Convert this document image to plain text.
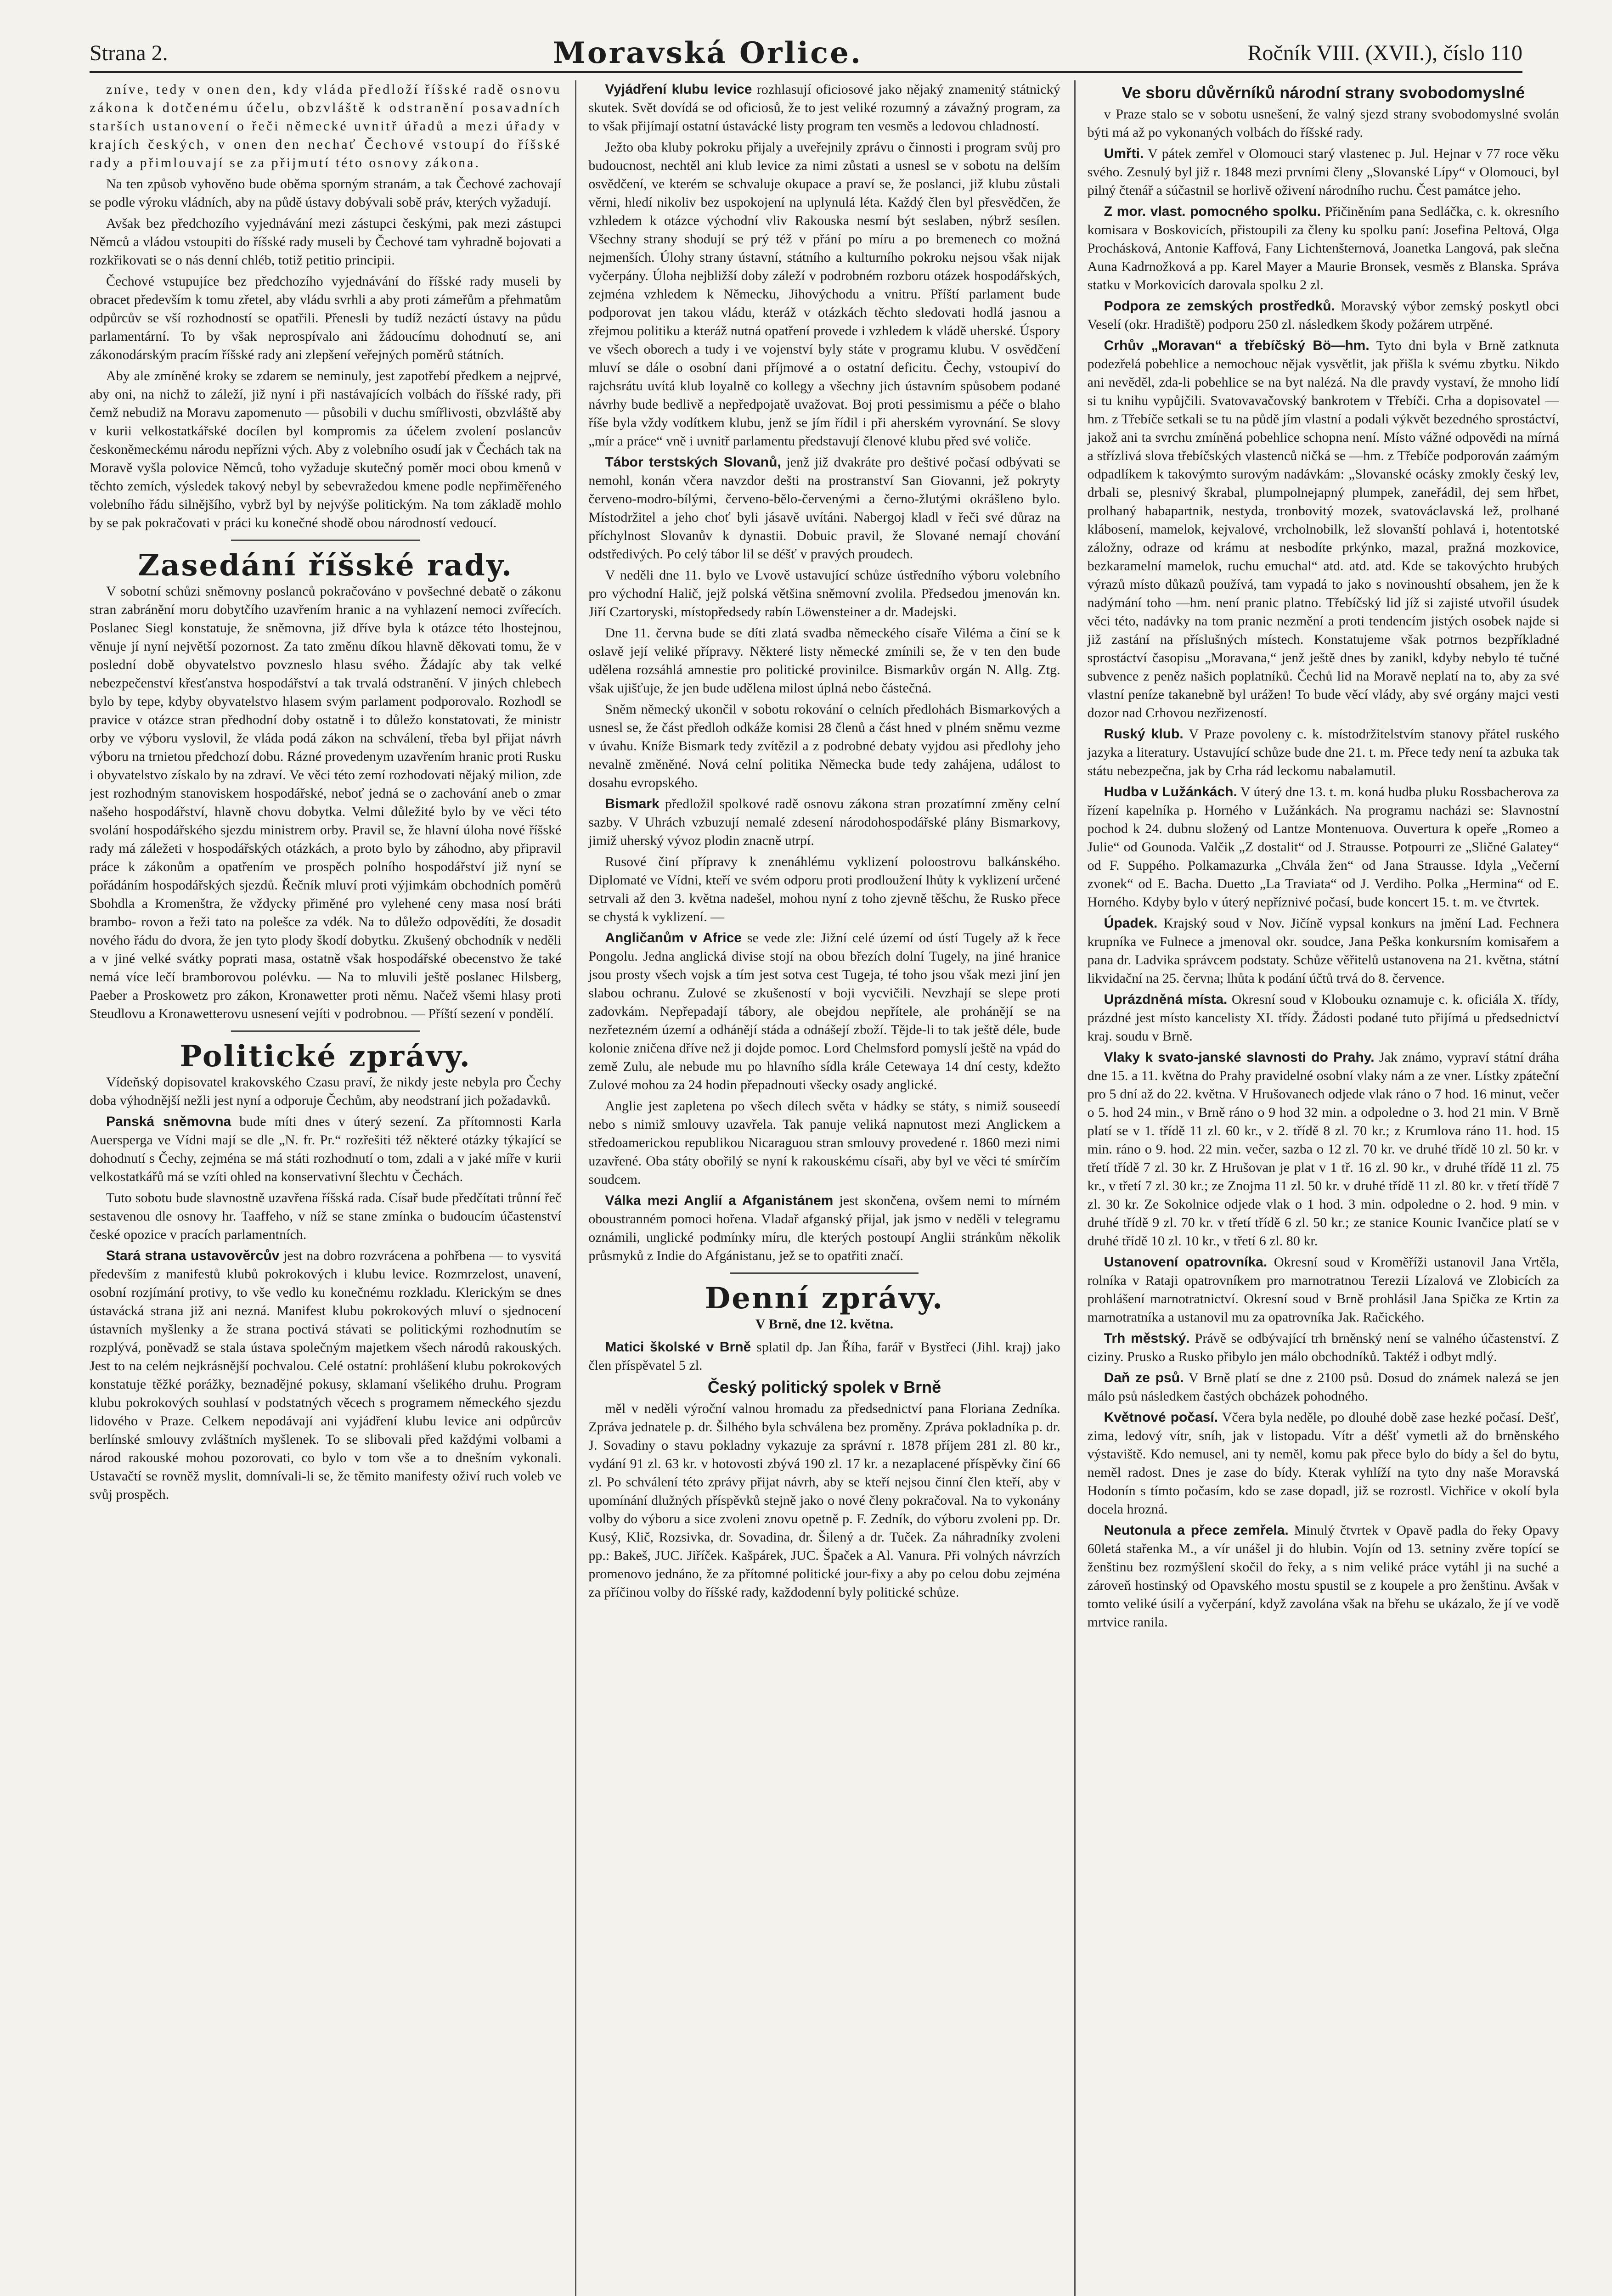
Strana 2.	Moravská Orlice.	Ročník VIII. (XVII.), číslo 110

zníve, tedy v onen den, kdy vláda předloží říšské radě osnovu zákona k dotčenému účelu, obzvláště k odstranění posavadních starších ustanovení o řeči německé uvnitř úřadů a mezi úřady v krajích českých, v onen den nechať Čechové vstoupí do říšské rady a přimlouvají se za přijmutí této osnovy zákona.

Na ten způsob vyhověno bude oběma sporným stranám, a tak Čechové zachovají se podle výroku vládních, aby na půdě ústavy dobývali sobě práv, kterých vyžadují.

Avšak bez předchozího vyjednávání mezi zástupci českými, pak mezi zástupci Němců a vládou vstoupiti do říšské rady museli by Čechové tam vyhradně bojovati a rozkřikovati se o nás denní chléb, totiž petitio principii.

Čechové vstupujíce bez předchozího vyjednávání do říšské rady museli by obracet především k tomu zřetel, aby vládu svrhli a aby proti zámeřům a přehmatům odpůrcův se vší rozhodností se opatřili. Přenesli by tudíž nezáctí ústavy na půdu parlamentární. To by však neprospívalo ani žádoucímu dohodnutí se, ani zákonodárským pracím říšské rady ani zlepšení veřejných poměrů státních.

Aby ale zmíněné kroky se zdarem se neminuly, jest zapotřebí předkem a nejprvé, aby oni, na nichž to záleží, již nyní i při nastávajících volbách do říšské rady, při čemž nebudiž na Moravu zapomenuto — působili v duchu smířlivosti, obzvláště aby v kurii velkostatkářské docílen byl kompromis za účelem zvolení poslancův českoněmeckému národu nepřízni vých. Aby z volebního osudí jak v Čechách tak na Moravě vyšla polovice Němců, toho vyžaduje skutečný poměr moci obou kmenů v těchto zemích, výsledek takový nebyl by sebevražedou kmene podle nepřiměřeného volebního řádu silnějšího, vybrž byl by nejvýše politickým. Na tom základě mohlo by se pak pokračovati v práci ku konečné shodě obou národností vedoucí.

Zasedání říšské rady.

V sobotní schůzi sněmovny poslanců pokračováno v povšechné debatě o zákonu stran zabránění moru dobytčího uzavřením hranic a na vyhlazení nemoci zvířecích. Poslanec Siegl konstatuje, že sněmovna, již dříve byla k otázce této lhostejnou, věnuje jí nyní největší pozornost. Za tato změnu díkou hlavně děkovati tomu, že v poslední době obyvatelstvo povzneslo hlasu svého. Žádajíc aby tak velké nebezpečenství křesťanstva hospodářství a tak trvalá odstranění. V jiných chlebech bylo by tepe, kdyby obyvatelstvo hlasem svým parlament podporovalo. Rozhodl se pravice v otázce stran předhodní doby ostatně i to důležo konstatovati, že ministr orby ve výboru vyslovil, že vláda podá zákon na schválení, třeba byl přijat návrh výboru na trnietou předchozí dobu. Rázné provedenym uzavřením hranic proti Rusku i obyvatelstvo získalo by na zdraví. Ve věci této zemí rozhodovati nějaký milion, zde jest rozhodným stanoviskem hospodářské, neboť jedná se o zachování aneb o zmar našeho hospodářství, hlavně chovu dobytka. Velmi důležité bylo by ve věci této svolání hospodářského sjezdu ministrem orby. Pravil se, že hlavní úloha nové říšské rady má záležeti v hospodářských otázkách, a proto bylo by záhodno, aby připravil práce k zákonům a opatřením ve prospěch polního hospodářství již nyní se pořádáním hospodářských sjezdů. Řečník mluví proti výjimkám obchodních poměrů Sbohdla a Kromenštra, že vždycky přiměné pro vylehené ceny masa nosí bráti brambo- rovon a řeži tato na polešce za vdék. Na to důležo odpovědíti, že dosadit nového řádu do dvora, že jen tyto plody škodí dobytku. Zkušený obchodník v neděli a v jiné velké svátky poprati masa, ostatně však hospodářské obecenstvo že také nemá více lečí bramborovou polévku. — Na to mluvili ještě poslanec Hilsberg, Paeber a Proskowetz pro zákon, Kronawetter proti němu. Načež všemi hlasy proti Steudlovu a Kronawetterovu usnesení vejíti v podrobnou. — Příští sezení v pondělí.

Politické zprávy.

Vídeňský dopisovatel krakovského Czasu praví, že nikdy jeste nebyla pro Čechy doba výhodnější nežli jest nyní a odporuje Čechům, aby neodstraní jich požadavků.

Panská sněmovna bude míti dnes v úterý sezení. Za přítomnosti Karla Auersperga ve Vídni mají se dle „N. fr. Pr.“ rozřešiti též některé otázky týkající se dohodnutí s Čechy, zejména se má státi rozhodnutí o tom, zdali a v jaké míře v kurii velkostatkářů má se vzíti ohled na konservativní šlechtu v Čechách.

Tuto sobotu bude slavnostně uzavřena říšská rada. Císař bude předčítati trůnní řeč sestavenou dle osnovy hr. Taaffeho, v níž se stane zmínka o budoucím účastenství české opozice v pracích parlamentních.

Stará strana ustavověrcův jest na dobro rozvrácena a pohřbena — to vysvitá především z manifestů klubů pokrokových i klubu levice. Rozmrzelost, unavení, osobní rozjímání protivy, to vše vedlo ku konečnému rozkladu. Klerickým se dnes ústavácká strana již ani nezná. Manifest klubu pokrokových mluví o sjednocení ústavních myšlenky a že strana poctivá stávati se politickými rozhodnutím se rozplývá, poněvadž se stala ústava společným majetkem všech národů rakouských. Jest to na celém nejkrásnější pochvalou. Celé ostatní: prohlášení klubu pokrokových konstatuje těžké porážky, beznadějné pokusy, sklamaní všelikého druhu. Program klubu pokrokových souhlasí v podstatných věcech s programem německého sjezdu lidového v Praze. Celkem nepodávají ani vyjádření klubu levice ani odpůrcův berlínské smlouvy zvláštních myšlenek. To se slibovali před každými volbami a národ rakouské mohou pozorovati, co bylo v tom vše a to dnešním vykonali. Ustavačtí se rovněž myslit, domnívali-li se, že těmito manifesty oživí ruch voleb ve svůj prospěch.

Vyjádření klubu levice rozhlasují oficiosové jako nějaký znamenitý státnický skutek. Svět dovídá se od oficiosů, že to jest veliké rozumný a závažný program, za to však přijímají ostatní ústavácké listy program ten vesměs a ledovou chladností.

Ježto oba kluby pokroku přijaly a uveřejnily zprávu o činnosti i program svůj pro budoucnost, nechtěl ani klub levice za nimi zůstati a usnesl se v sobotu na delším osvědčení, ve kterém se schvaluje okupace a praví se, že poslanci, již klubu zůstali věrni, hledí nikoliv bez uspokojení na uplynulá léta. Každý člen byl přesvědčen, že vzhledem k otázce východní vliv Rakouska nesmí být seslaben, nýbrž sesílen. Všechny strany shodují se prý též v přání po míru a po bremenech co možná nejmenších. Úlohy strany ústavní, státního a kulturního pokroku nejsou však nijak vyčerpány. Úloha nejbližší doby záleží v podrobném rozboru otázek hospodářských, zejména vzhledem k Německu, Jihovýchodu a vnitru. Příští parlament bude podporovat jen takou vládu, kteráž v otázkách těchto sledovati hodlá jasnou a zřejmou politiku a kteráž nutná opatření provede i vzhledem k vládě uherské. Úspory ve všech oborech a tudy i ve vojenství byly státe v programu klubu. V osvědčení mluví se dále o osobní dani příjmové a o ostatní deficitu. Čechy, vstoupiví do rajchsrátu uvítá klub loyalně co kollegy a všechny jich ústavním spůsobem podané návrhy bude bedlivě a nepředpojatě uvažovat. Boj proti pessimismu a péče o blaho říše byla vždy vodítkem klubu, jenž se jím řídil i při aherském vyrovnání. Se slovy „mír a práce“ vně i uvnitř parlamentu představují členové klubu před své voliče.

Tábor terstských Slovanů, jenž již dvakráte pro deštivé počasí odbývati se nemohl, konán včera navzdor dešti na prostranství San Giovanni, jež pokryty červeno-modro-bílými, červeno-bělo-červenými a černo-žlutými okrášleno bylo. Místodržitel a jeho choť byli jásavě uvítáni. Nabergoj kladl v řeči své důraz na příchylnost Slovanův k dynastii. Dobuic pravil, že Slované nemají chování odstředivých. Po celý tábor lil se déšť v pravých proudech.

V neděli dne 11. bylo ve Lvově ustavující schůze ústředního výboru volebního pro východní Halič, jejž polská většina sněmovní zvolila. Předsedou jmenován kn. Jiří Czartoryski, místopředsedy rabín Löwensteiner a dr. Madejski.

Dne 11. června bude se díti zlatá svadba německého císaře Viléma a činí se k oslavě její veliké přípravy. Některé listy německé zmínili se, že v ten den bude udělena rozsáhlá amnestie pro politické provinilce. Bismarkův orgán N. Allg. Ztg. však ujišťuje, že jen bude udělena milost úplná nebo částečná.

Sněm německý ukončil v sobotu rokování o celních předlohách Bismarkových a usnesl se, že část předloh odkáže komisi 28 členů a část hned v plném sněmu vezme v úvahu. Kníže Bismark tedy zvítězil a z podrobné debaty vyjdou asi předlohy jeho nevalně změněné. Nová celní politika Německa bude tedy zahájena, událost to dosahu evropského.

Bismark předložil spolkové radě osnovu zákona stran prozatímní změny celní sazby. V Uhrách vzbuzují nemalé zdesení národohospodářské plány Bismarkovy, jimiž uherský vývoz plodin znacně utrpí.

Rusové činí přípravy k znenáhlému vyklizení poloostrovu balkánského. Diplomaté ve Vídni, kteří ve svém odporu proti prodloužení lhůty k vyklizení určené setrvali až den 3. května nadešel, mohou nyní z toho zjevně těšchu, že Rusko přece se chystá k vyklizení. —

Angličanům v Africe se vede zle: Jižní celé území od ústí Tugely až k řece Pongolu. Jedna anglická divise stojí na obou březích dolní Tugely, na jiné hranice jsou prosty všech vojsk a tím jest sotva cest Tugeja, té toho jsou však mezi jiní jen slabou ochranu. Zulové se zkušeností v boji vycvičili. Nevzhají se slepe proti zadovkám. Nepřepadají tábory, ale obejdou nepřítele, ale prohánějí se na nezřetezném území a odhánějí stáda a odnášejí zboží. Tějde-li to tak ještě déle, bude kolonie zničena dříve než ji dojde pomoc. Lord Chelmsford pomyslí ještě na vpád do země Zulu, ale nebude mu po hlavního sídla krále Cetewaya 14 dní cesty, kdežto Zulové mohou za 24 hodin přepadnouti všecky osady anglické.

Anglie jest zapletena po všech dílech světa v hádky se státy, s nimiž souseedí nebo s nimiž smlouvy uzavřela. Tak panuje veliká napnutost mezi Anglickem a středoamerickou republikou Nicaraguou stran smlouvy provedené r. 1860 mezi nimi uzavřené. Oba státy obořilý se nyní k rakouskému císaři, aby byl ve věci té smírčím soudcem.

Válka mezi Anglií a Afganistánem jest skončena, ovšem nemi to mírném oboustranném pomoci hořena. Vladař afganský přijal, jak jsmo v neděli v telegramu oznámili, unglické podmínky míru, dle kterých postoupí Anglii stránkům několik průsmyků z Indie do Afgánistanu, jež se to opatřiti značí.

Denní zprávy.
V Brně, dne 12. května.

Matici školské v Brně splatil dp. Jan Říha, farář v Bystřeci (Jihl. kraj) jako člen příspěvatel 5 zl.

Český politický spolek v Brně

měl v neděli výroční valnou hromadu za předsednictví pana Floriana Zedníka. Zpráva jednatele p. dr. Šilhého byla schválena bez proměny. Zpráva pokladníka p. dr. J. Sovadiny o stavu pokladny vykazuje za správní r. 1878 příjem 281 zl. 80 kr., vydání 91 zl. 63 kr. v hotovosti zbývá 190 zl. 17 kr. a nezaplacené příspěvky činí 66 zl. Po schválení této zprávy přijat návrh, aby se kteří nejsou činní člen kteří, aby v upomínání dlužných příspěvků stejně jako o nové členy pokračoval. Na to vykonány volby do výboru a sice zvoleni znovu opetně p. F. Zedník, do výboru zvoleni pp. Dr. Kusý, Klič, Rozsivka, dr. Sovadina, dr. Šilený a dr. Tuček. Za náhradníky zvoleni pp.: Bakeš, JUC. Jiříček. Kašpárek, JUC. Špaček a Al. Vanura. Při volných návrzích promenovo jednáno, že za přítomné politické jour-fixy a aby po celou dobu zejména za příčinou volby do říšské rady, každodenní byly politické schůze.

Ve sboru důvěrníků národní strany svobodomyslné

v Praze stalo se v sobotu usnešení, že valný sjezd strany svobodomyslné svolán býti má až po vykonaných volbách do říšské rady.

Umřti. V pátek zemřel v Olomouci starý vlastenec p. Jul. Hejnar v 77 roce věku svého. Zesnulý byl již r. 1848 mezi prvními členy „Slovanské Lípy“ v Olomouci, byl pilný čtenář a súčastnil se horlivě oživení národního ruchu. Čest památce jeho.

Z mor. vlast. pomocného spolku. Přičiněním pana Sedláčka, c. k. okresního komisara v Boskovicích, přistoupili za členy ku spolku paní: Josefina Peltová, Olga Prochásková, Antonie Kaffová, Fany Lichtenšternová, Joanetka Langová, pak slečna Auna Kadrnožková a pp. Karel Mayer a Maurie Bronsek, vesměs z Blanska. Správa statku v Morkovicích darovala spolku 2 zl.

Podpora ze zemských prostředků. Moravský výbor zemský poskytl obci Veselí (okr. Hradiště) podporu 250 zl. následkem škody požárem utrpěné.

Crhův „Moravan“ a třebíčský Bö—hm. Tyto dni byla v Brně zatknuta podezřelá pobehlice a nemochouc nějak vysvětlit, jak přišla k svému zbytku. Nikdo ani nevěděl, zda-li pobehlice se na byt nalézá. Na dle pravdy vystaví, že mnoho lidí si tu knihu vypůjčili. Svatovavačovský bankrotem v Třebíči. Crha a dopisovatel —hm. z Třebíče setkali se tu na půdě jím vlastní a podali výkvět bezedného sprostáctví, jakož ani ta svrchu zmíněná pobehlice schopna není. Místo vážné odpovědi na mírná a střízlivá slova třebíčských vlastenců ničká se —hm. z Třebíče podporován zaámým odpadlíkem k takovýmto surovým nadávkám: „Slovanské ocásky zmokly český lev, drbali se, plesnivý škrabal, plumpolnejapný plumpek, zaneřádil, dej sem hřbet, prolhaný habapartnik, nestyda, tronbovitý mozek, svatováclavská lež, prolhané klábosení, mamelok, kejvalové, vrcholnobilk, lež slovanští pohlavá i, hotentotské záložny, odraze od krámu at nesbodíte prkýnko, mazal, pražná mozkovice, bezkaramelní mamelok, ruchu emuchal“ atd. atd. atd. Kde se takovýchto hrubých výrazů místo důkazů používá, tam vypadá to jako s novinoushtí obsahem, jen že k nadýmání toho —hm. není pranic platno. Třebíčský lid jíž si zajisté utvořil úsudek věci této, nadávky na tom pranic nezmění a proti tendencím jistých osobek najde si již zastání na příslušných místech. Konstatujeme však potrnos bezpříkladné sprostáctví časopisu „Moravana,“ jenž ještě dnes by zanikl, kdyby nebylo té tučné subvence z peněz našich poplatníků. Čechů lid na Moravě neplatí na to, aby za své vlastní peníze takanebně byl urážen! To bude věcí vlády, aby své orgány majci vesti dozor nad Crhovou nezřizeností.

Ruský klub. V Praze povoleny c. k. místodržitelstvím stanovy přátel ruského jazyka a literatury. Ustavující schůze bude dne 21. t. m. Přece tedy není ta azbuka tak státu nebezpečna, jak by Crha rád leckomu nabalamutil.

Hudba v Lužánkách. V úterý dne 13. t. m. koná hudba pluku Rossbacherova za řízení kapelníka p. Horného v Lužánkách. Na programu nacházi se: Slavnostní pochod k 24. dubnu složený od Lantze Montenuova. Ouvertura k opeře „Romeo a Julie“ od Gounoda. Valčik „Z dostalit“ od J. Strausse. Potpourri ze „Sličné Galatey“ od F. Suppého. Polkamazurka „Chvála žen“ od Jana Strausse. Idyla „Večerní zvonek“ od E. Bacha. Duetto „La Traviata“ od J. Verdiho. Polka „Hermina“ od E. Horného. Kdyby bylo v úterý nepříznivé počasí, bude koncert 15. t. m. ve čtvrtek.

Úpadek. Krajský soud v Nov. Jičíně vypsal konkurs na jmění Lad. Fechnera krupníka ve Fulnece a jmenoval okr. soudce, Jana Peška konkursním komisařem a pana dr. Ladvika správcem podstaty. Schůze věřitelů ustanovena na 21. května, státní likvidační na 25. června; lhůta k podání účtů trvá do 8. července.

Uprázdněná místa. Okresní soud v Klobouku oznamuje c. k. oficiála X. třídy, prázdné jest místo kancelisty XI. třídy. Žádosti podané tuto přijímá u předsednictví kraj. soudu v Brně.

Vlaky k svato-janské slavnosti do Prahy. Jak známo, vypraví státní dráha dne 15. a 11. května do Prahy pravidelné osobní vlaky nám a ze vner. Lístky zpáteční pro 5 dní až do 22. května. V Hrušovanech odjede vlak ráno o 7 hod. 16 minut, večer o 5. hod 24 min., v Brně ráno o 9 hod 32 min. a odpoledne o 3. hod 21 min. V Brně platí se v 1. třídě 11 zl. 60 kr., v 2. třídě 8 zl. 70 kr.; z Krumlova ráno 11. hod. 15 min. ráno o 9. hod. 22 min. večer, sazba o 12 zl. 70 kr. ve druhé třídě 10 zl. 50 kr. v třetí třídě 7 zl. 30 kr. Z Hrušovan je plat v 1 tř. 16 zl. 90 kr., v druhé třídě 11 zl. 75 kr., v třetí 7 zl. 30 kr.; ze Znojma 11 zl. 50 kr. v druhé třídě 11 zl. 80 kr. v třetí třídě 7 zl. 30 kr. Ze Sokolnice odjede vlak o 1 hod. 3 min. odpoledne o 2. hod. 9 min. v druhé třídě 9 zl. 70 kr. v třetí třídě 6 zl. 50 kr.; ze stanice Kounic Ivančice platí se v druhé třídě 10 zl. 10 kr., v třetí 6 zl. 80 kr.

Ustanovení opatrovníka. Okresní soud v Kroměříži ustanovil Jana Vrtěla, rolníka v Rataji opatrovníkem pro marnotratnou Terezii Lízalová ve Zlobicích za prohlášení marnotratnictví. Okresní soud v Brně prohlásil Jana Spička ze Krtin za marnotratníka a ustanovil mu za opatrovníka Jak. Račického.

Trh městský. Právě se odbývající trh brněnský není se valného účastenství. Z ciziny. Prusko a Rusko přibylo jen málo obchodníků. Taktéž i odbyt mdlý.

Daň ze psů. V Brně platí se dne z 2100 psů. Dosud do známek nalezá se jen málo psů následkem častých obcházek pohodného.

Květnové počasí. Včera byla neděle, po dlouhé době zase hezké počasí. Dešť, zima, ledový vítr, sníh, jak v listopadu. Vítr a déšť vymetli až do brněnského výstaviště. Kdo nemusel, ani ty neměl, komu pak přece bylo do bídy a šel do bytu, neměl radost. Dnes je zase do bídy. Kterak vyhlíží na tyto dny naše Moravská Hodonín s tímto počasím, kdo se zase dopadl, již se rozrostl. Vichřice v okolí byla docela hrozná.

Neutonula a přece zemřela. Minulý čtvrtek v Opavě padla do řeky Opavy 60letá stařenka M., a vír unášel ji do hlubin. Vojín od 13. setniny zvěre topící se ženštinu bez rozmýšlení skočil do řeky, a s nim veliké práce vytáhl ji na suché a zároveň hostinský od Opavského mostu spustil se z koupele a pro ženštinu. Avšak v tomto veliké úsilí a vyčerpání, když zavolána však na břehu se ukázalo, že jí ve vodě mrtvice ranila.
